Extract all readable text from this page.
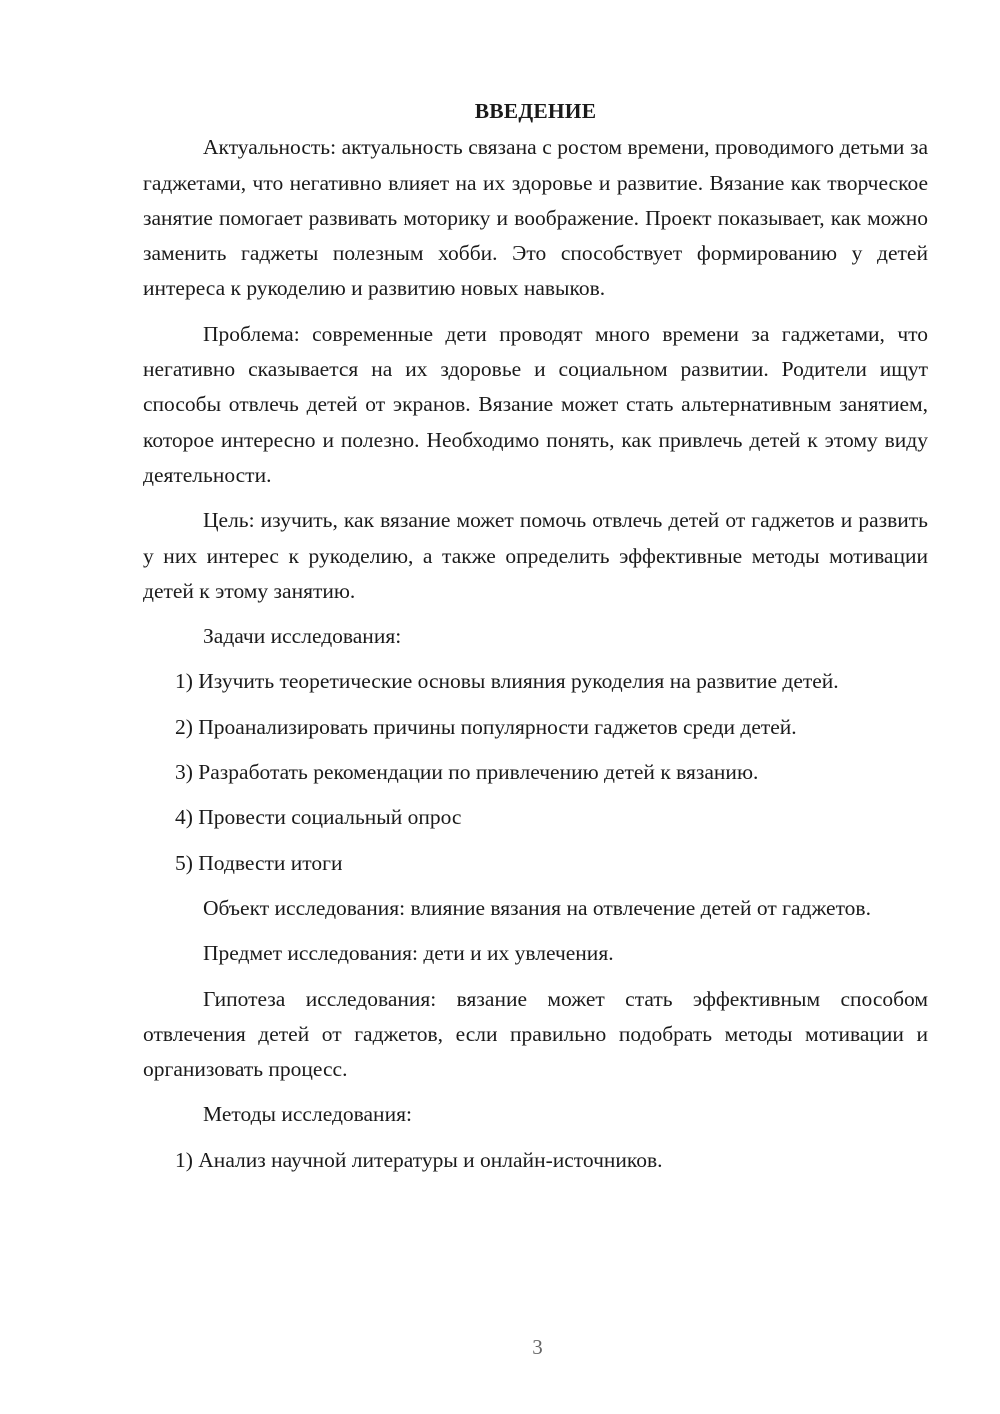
ВВЕДЕНИЕ

Актуальность: актуальность связана с ростом времени, проводимого детьми за гаджетами, что негативно влияет на их здоровье и развитие. Вязание как творческое занятие помогает развивать моторику и воображение. Проект показывает, как можно заменить гаджеты полезным хобби. Это способствует формированию у детей интереса к рукоделию и развитию новых навыков.

Проблема: современные дети проводят много времени за гаджетами, что негативно сказывается на их здоровье и социальном развитии. Родители ищут способы отвлечь детей от экранов. Вязание может стать альтернативным занятием, которое интересно и полезно. Необходимо понять, как привлечь детей к этому виду деятельности.

Цель: изучить, как вязание может помочь отвлечь детей от гаджетов и развить у них интерес к рукоделию, а также определить эффективные методы мотивации детей к этому занятию.

Задачи исследования:

1) Изучить теоретические основы влияния рукоделия на развитие детей.

2) Проанализировать причины популярности гаджетов среди детей.

3) Разработать рекомендации по привлечению детей к вязанию.

4) Провести социальный опрос

5) Подвести итоги

Объект исследования: влияние вязания на отвлечение детей от гаджетов.

Предмет исследования: дети и их увлечения.

Гипотеза исследования: вязание может стать эффективным способом отвлечения детей от гаджетов, если правильно подобрать методы мотивации и организовать процесс.

Методы исследования:

1) Анализ научной литературы и онлайн-источников.

3
